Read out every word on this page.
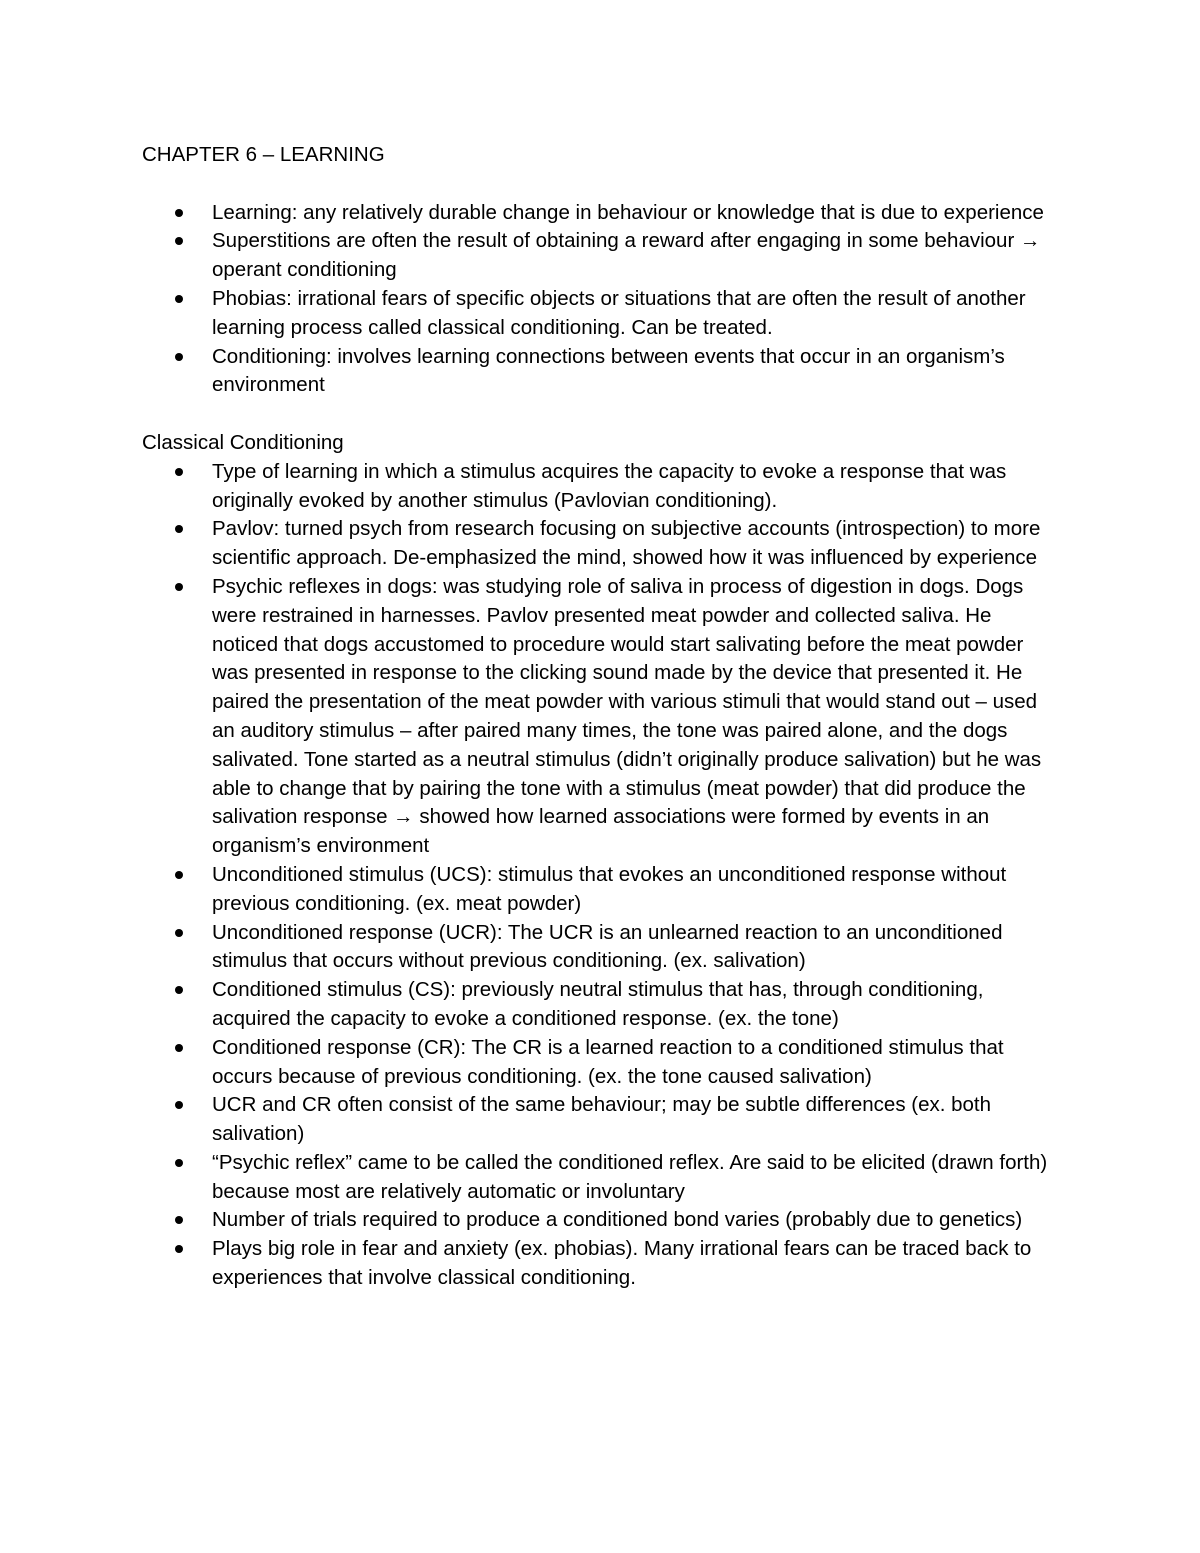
CHAPTER 6 – LEARNING

Learning: any relatively durable change in behaviour or knowledge that is due to experience
Superstitions are often the result of obtaining a reward after engaging in some behaviour → operant conditioning
Phobias: irrational fears of specific objects or situations that are often the result of another learning process called classical conditioning. Can be treated.
Conditioning: involves learning connections between events that occur in an organism’s environment

Classical Conditioning

Type of learning in which a stimulus acquires the capacity to evoke a response that was originally evoked by another stimulus (Pavlovian conditioning).
Pavlov: turned psych from research focusing on subjective accounts (introspection) to more scientific approach. De-emphasized the mind, showed how it was influenced by experience
Psychic reflexes in dogs: was studying role of saliva in process of digestion in dogs. Dogs were restrained in harnesses. Pavlov presented meat powder and collected saliva. He noticed that dogs accustomed to procedure would start salivating before the meat powder was presented in response to the clicking sound made by the device that presented it. He paired the presentation of the meat powder with various stimuli that would stand out – used an auditory stimulus – after paired many times, the tone was paired alone, and the dogs salivated. Tone started as a neutral stimulus (didn’t originally produce salivation) but he was able to change that by pairing the tone with a stimulus (meat powder) that did produce the salivation response → showed how learned associations were formed by events in an organism’s environment
Unconditioned stimulus (UCS): stimulus that evokes an unconditioned response without previous conditioning. (ex. meat powder)
Unconditioned response (UCR): The UCR is an unlearned reaction to an unconditioned stimulus that occurs without previous conditioning. (ex. salivation)
Conditioned stimulus (CS): previously neutral stimulus that has, through conditioning, acquired the capacity to evoke a conditioned response. (ex. the tone)
Conditioned response (CR): The CR is a learned reaction to a conditioned stimulus that occurs because of previous conditioning. (ex. the tone caused salivation)
UCR and CR often consist of the same behaviour; may be subtle differences (ex. both salivation)
“Psychic reflex” came to be called the conditioned reflex. Are said to be elicited (drawn forth) because most are relatively automatic or involuntary
Number of trials required to produce a conditioned bond varies (probably due to genetics)
Plays big role in fear and anxiety (ex. phobias). Many irrational fears can be traced back to experiences that involve classical conditioning.
